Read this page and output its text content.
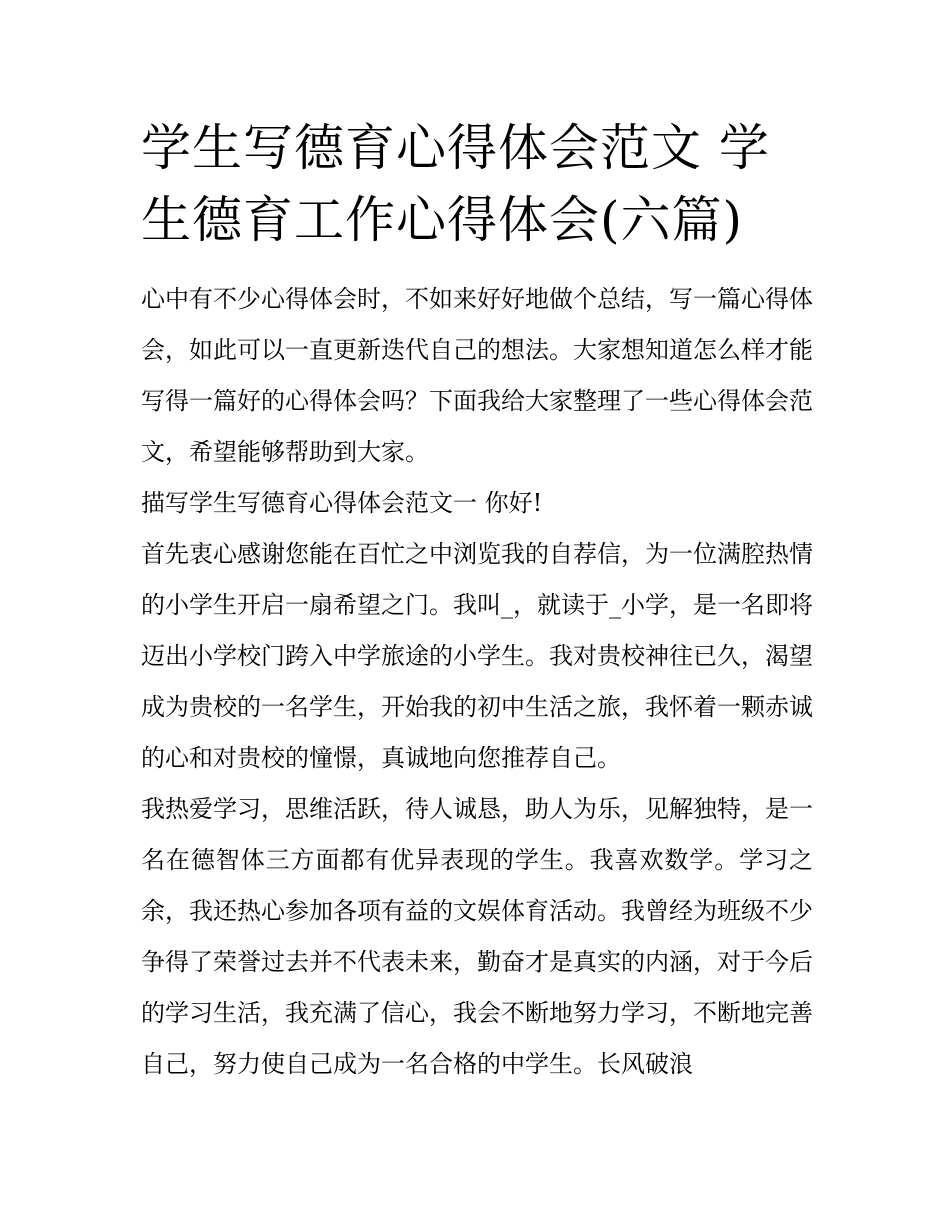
学生写德育心得体会范文 学生德育工作心得体会(六篇)

心中有不少心得体会时，不如来好好地做个总结，写一篇心得体会，如此可以一直更新迭代自己的想法。大家想知道怎么样才能写得一篇好的心得体会吗？下面我给大家整理了一些心得体会范文，希望能够帮助到大家。

描写学生写德育心得体会范文一 你好!

首先衷心感谢您能在百忙之中浏览我的自荐信，为一位满腔热情的小学生开启一扇希望之门。我叫_，就读于_小学，是一名即将迈出小学校门跨入中学旅途的小学生。我对贵校神往已久，渴望成为贵校的一名学生，开始我的初中生活之旅，我怀着一颗赤诚的心和对贵校的憧憬，真诚地向您推荐自己。

我热爱学习，思维活跃，待人诚恳，助人为乐，见解独特，是一名在德智体三方面都有优异表现的学生。我喜欢数学。学习之余，我还热心参加各项有益的文娱体育活动。我曾经为班级不少争得了荣誉过去并不代表未来，勤奋才是真实的内涵，对于今后的学习生活，我充满了信心，我会不断地努力学习，不断地完善自己，努力使自己成为一名合格的中学生。长风破浪
